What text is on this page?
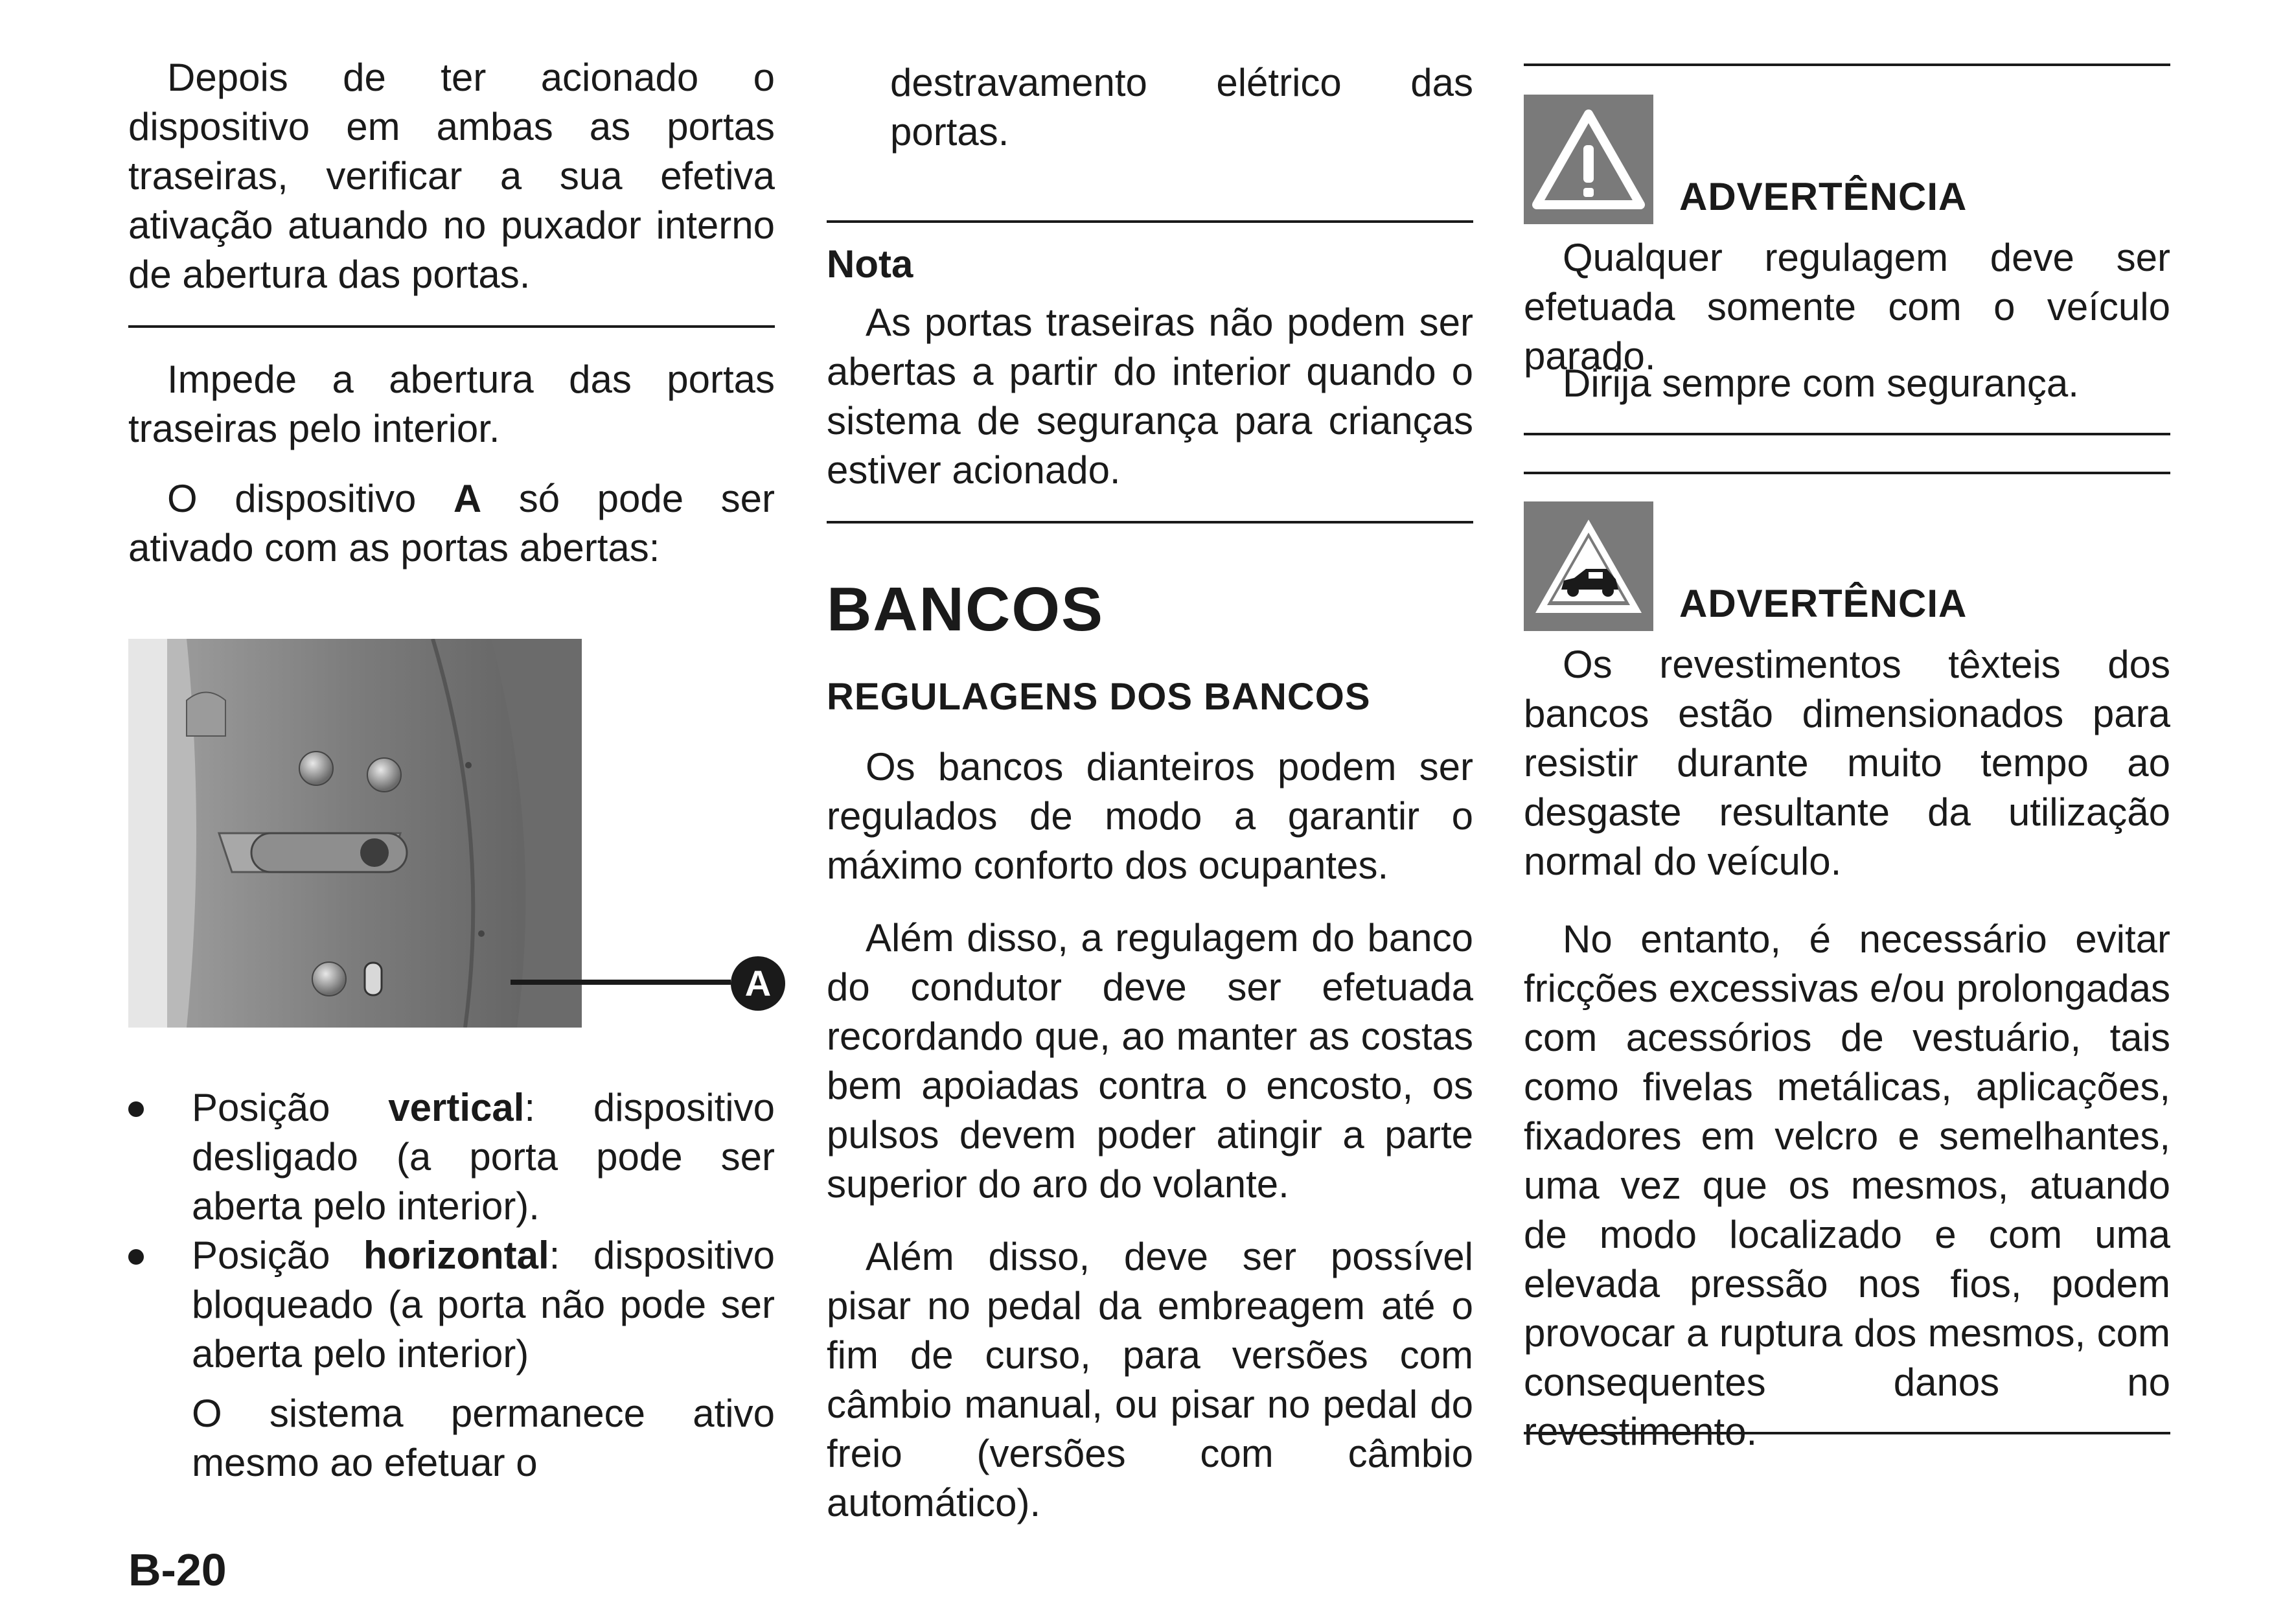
Depois de ter acionado o dispositivo em ambas as portas traseiras, verificar a sua efetiva ativação atuando no puxador interno de abertura das portas.

Impede a abertura das portas traseiras pelo interior.

O dispositivo A só pode ser ativado com as portas abertas:

A

Posição vertical: dispositivo desligado (a porta pode ser aberta pelo interior).

Posição horizontal: dispositivo bloqueado (a porta não pode ser aberta pelo interior)

O sistema permanece ativo mesmo ao efetuar o

destravamento elétrico das portas.

Nota

As portas traseiras não podem ser abertas a partir do interior quando o sistema de segurança para crianças estiver acionado.

BANCOS
REGULAGENS DOS BANCOS

Os bancos dianteiros podem ser regulados de modo a garantir o máximo conforto dos ocupantes.

Além disso, a regulagem do banco do condutor deve ser efetuada recordando que, ao manter as costas bem apoiadas contra o encosto, os pulsos devem poder atingir a parte superior do aro do volante.

Além disso, deve ser possível pisar no pedal da embreagem até o fim de curso, para versões com câmbio manual, ou pisar no pedal do freio (versões com câmbio automático).

ADVERTÊNCIA

Qualquer regulagem deve ser efetuada somente com o veículo parado.

Dirija sempre com segurança.

ADVERTÊNCIA

Os revestimentos têxteis dos bancos estão dimensionados para resistir durante muito tempo ao desgaste resultante da utilização normal do veículo.

No entanto, é necessário evitar fricções excessivas e/ou prolongadas com acessórios de vestuário, tais como fivelas metálicas, aplicações, fixadores em velcro e semelhantes, uma vez que os mesmos, atuando de modo localizado e com uma elevada pressão nos fios, podem provocar a ruptura dos mesmos, com consequentes danos no revestimento.

B-20
